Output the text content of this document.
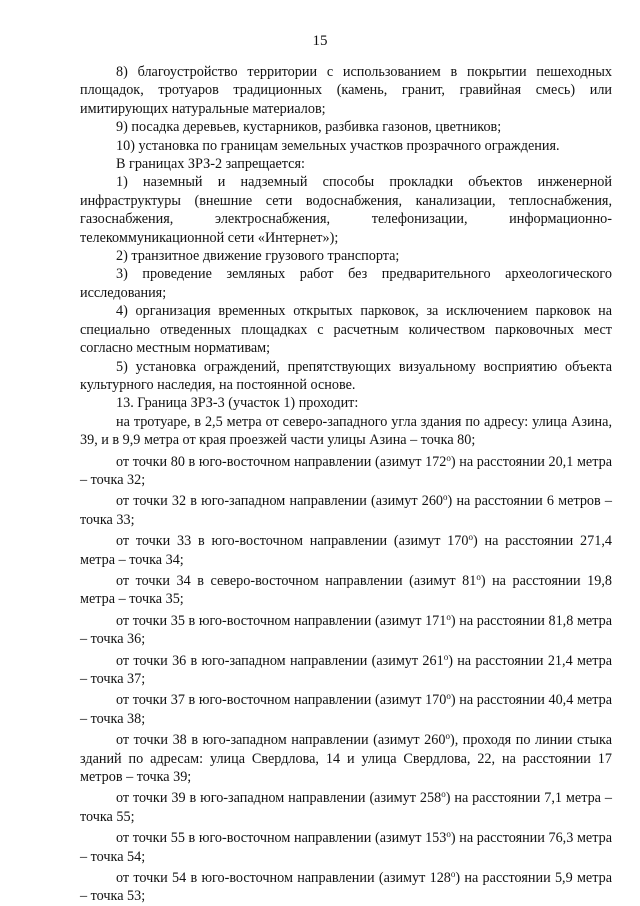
15

8) благоустройство территории с использованием в покрытии пешеходных площадок, тротуаров традиционных (камень, гранит, гравийная смесь) или имитирующих натуральные материалов;

9) посадка деревьев, кустарников, разбивка газонов, цветников;

10) установка по границам земельных участков прозрачного ограждения.

В границах ЗРЗ-2 запрещается:

1) наземный и надземный способы прокладки объектов инженерной инфраструктуры (внешние сети водоснабжения, канализации, теплоснабжения, газоснабжения, электроснабжения, телефонизации, информационно-телекоммуникационной сети «Интернет»);

2) транзитное движение грузового транспорта;

3) проведение земляных работ без предварительного археологического исследования;

4) организация временных открытых парковок, за исключением парковок на специально отведенных площадках с расчетным количеством парковочных мест согласно местным нормативам;

5) установка ограждений, препятствующих визуальному восприятию объекта культурного наследия, на постоянной основе.

13. Граница ЗРЗ-3 (участок 1) проходит:

на тротуаре, в 2,5 метра от северо-западного угла здания по адресу: улица Азина, 39, и в 9,9 метра от края проезжей части улицы Азина – точка 80;

от точки 80 в юго-восточном направлении (азимут $172^о$) на расстоянии 20,1 метра – точка 32;

от точки 32 в юго-западном направлении (азимут $260^о$) на расстоянии 6 метров – точка 33;

от точки 33 в юго-восточном направлении (азимут $170^о$) на расстоянии 271,4 метра – точка 34;

от точки 34 в северо-восточном направлении (азимут $81^о$) на расстоянии 19,8 метра – точка 35;

от точки 35 в юго-восточном направлении (азимут $171^о$) на расстоянии 81,8 метра – точка 36;

от точки 36 в юго-западном направлении (азимут $261^о$) на расстоянии 21,4 метра – точка 37;

от точки 37 в юго-восточном направлении (азимут $170^о$) на расстоянии 40,4 метра – точка 38;

от точки 38 в юго-западном направлении (азимут $260^о$), проходя по линии стыка зданий по адресам: улица Свердлова, 14 и улица Свердлова, 22, на расстоянии 17 метров – точка 39;

от точки 39 в юго-западном направлении (азимут $258^о$) на расстоянии 7,1 метра – точка 55;

от точки 55 в юго-восточном направлении (азимут $153^о$) на расстоянии 76,3 метра – точка 54;

от точки 54 в юго-восточном направлении (азимут $128^о$) на расстоянии 5,9 метра – точка 53;
